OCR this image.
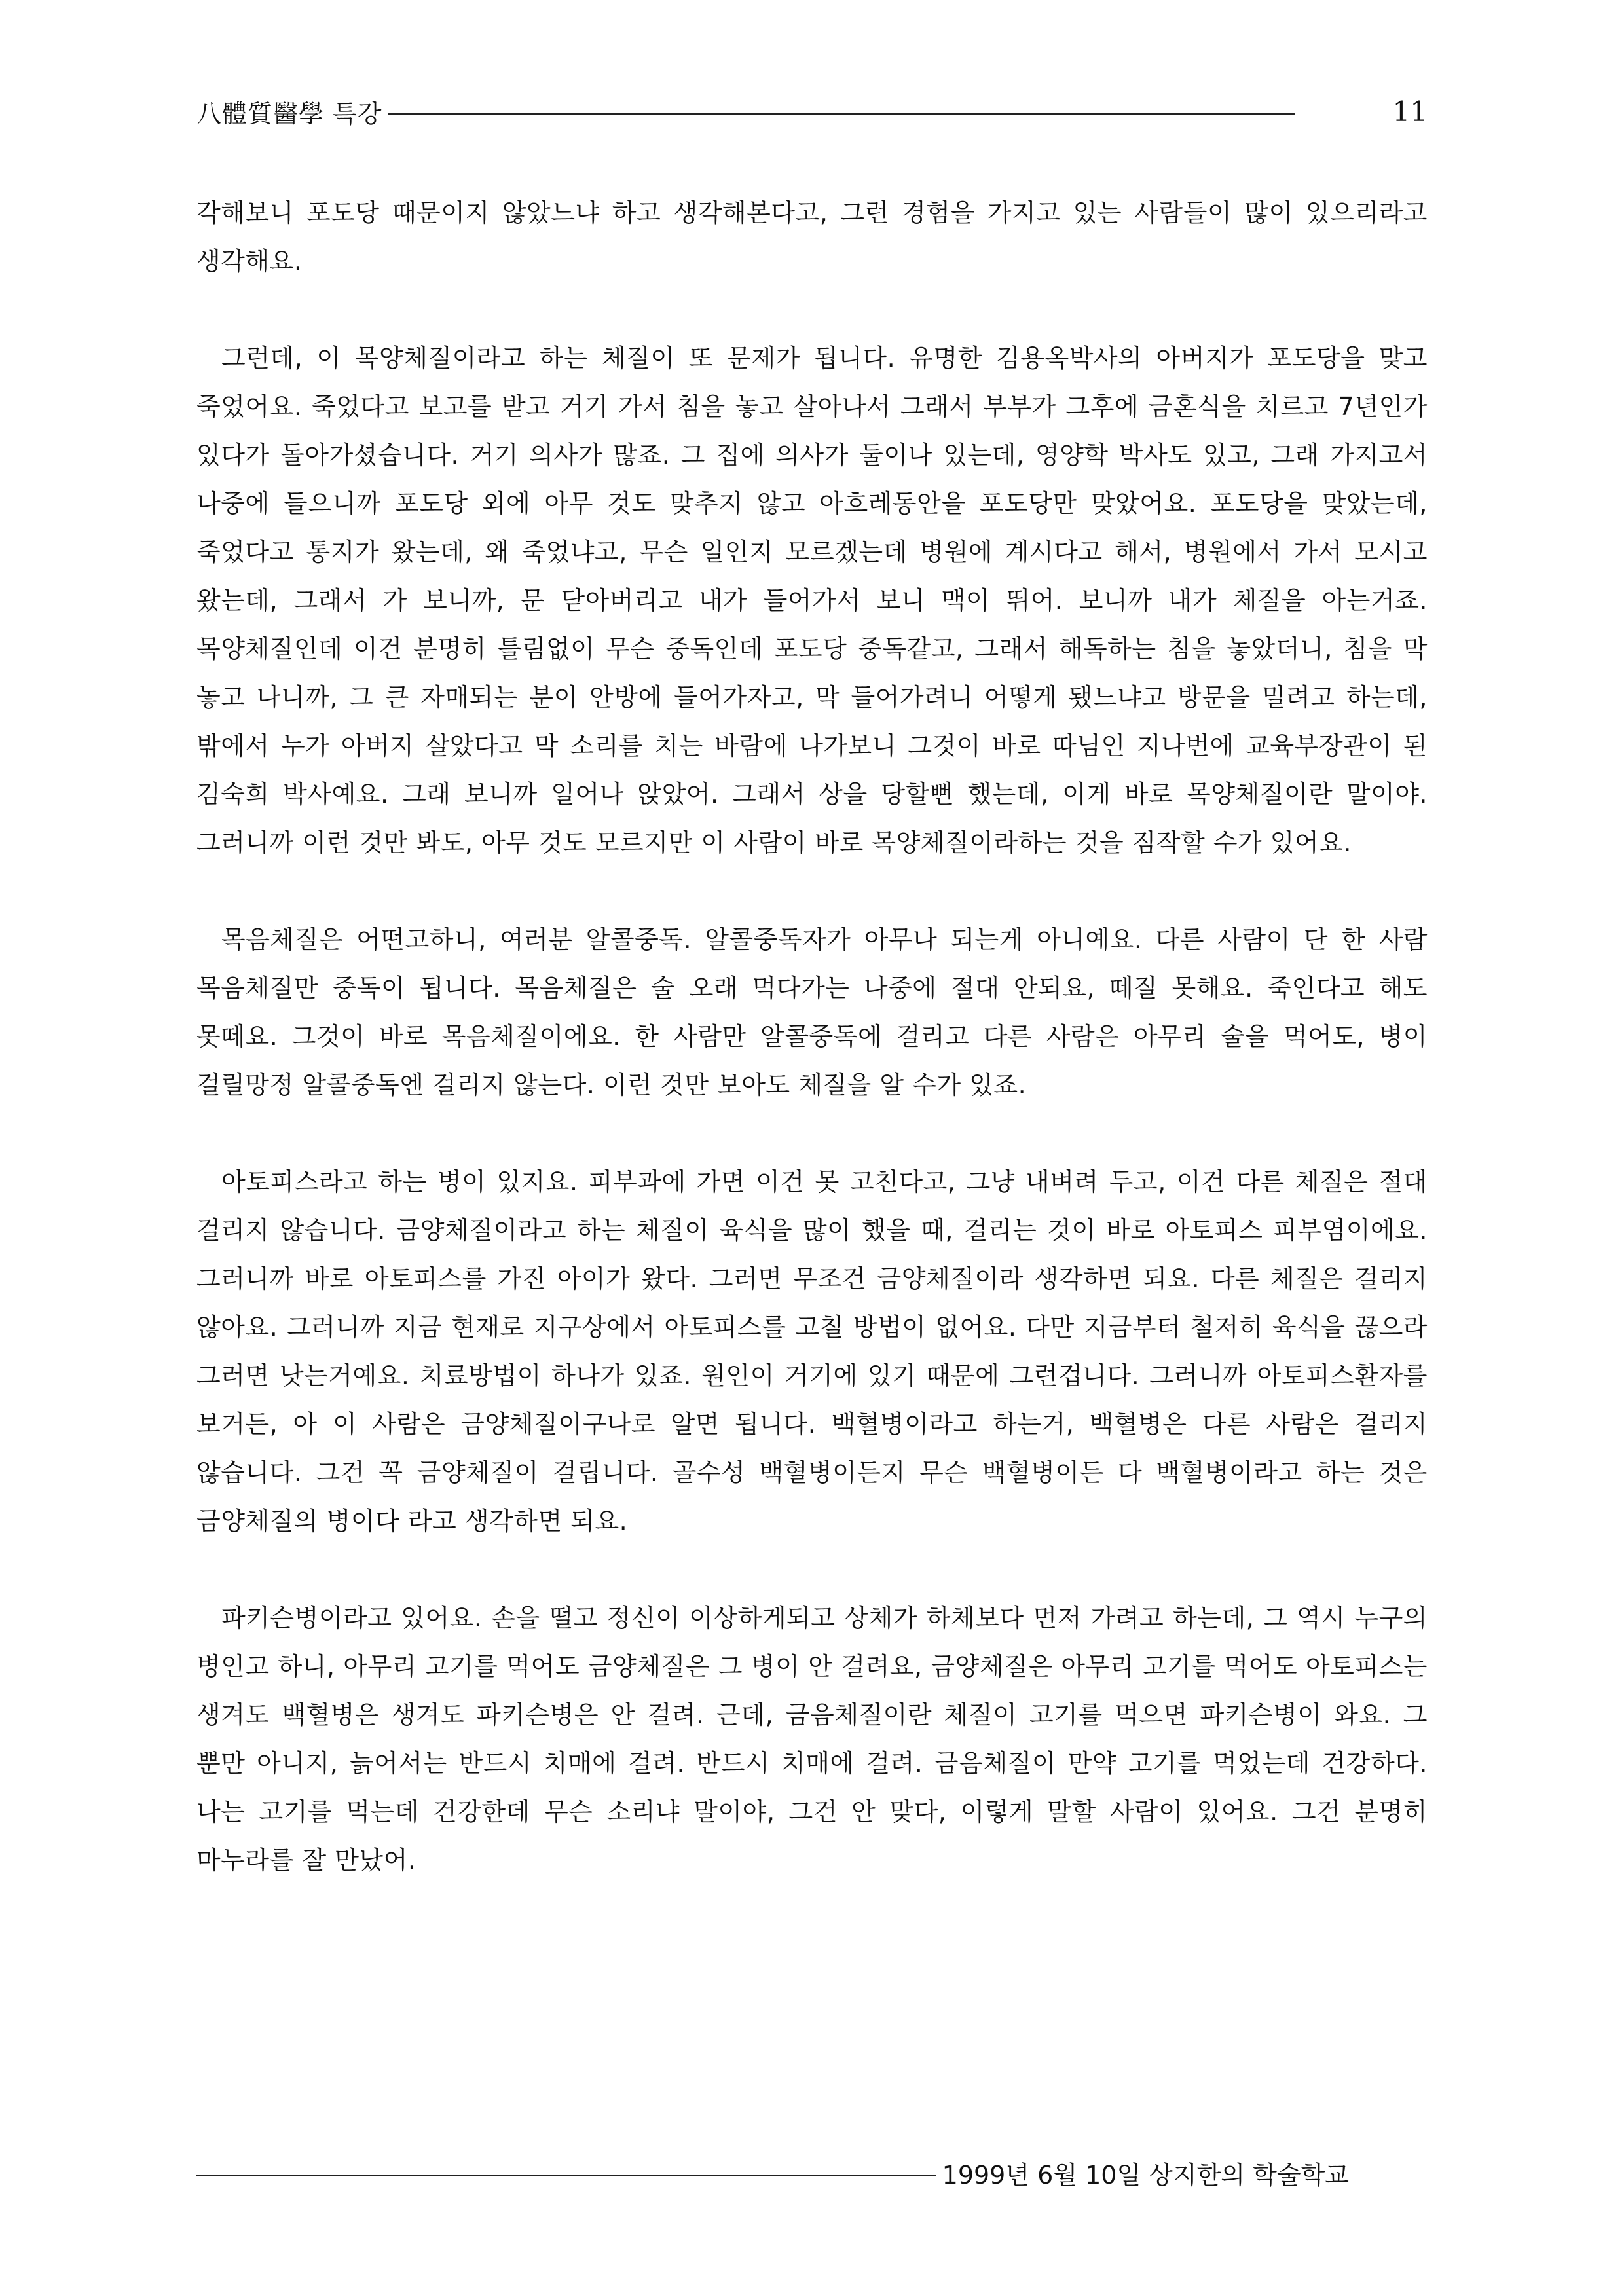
八體質醫學 특강	11

각해보니 포도당 때문이지 않았느냐 하고 생각해본다고, 그런 경험을 가지고 있는 사람들이 많이 있으리라고 생각해요.

그런데, 이 목양체질이라고 하는 체질이 또 문제가 됩니다. 유명한 김용옥박사의 아버지가 포도당을 맞고 죽었어요. 죽었다고 보고를 받고 거기 가서 침을 놓고 살아나서 그래서 부부가 그후에 금혼식을 치르고 7년인가 있다가 돌아가셨습니다. 거기 의사가 많죠. 그 집에 의사가 둘이나 있는데, 영양학 박사도 있고, 그래 가지고서 나중에 들으니까 포도당 외에 아무 것도 맞추지 않고 아흐레동안을 포도당만 맞았어요. 포도당을 맞았는데, 죽었다고 통지가 왔는데, 왜 죽었냐고, 무슨 일인지 모르겠는데 병원에 계시다고 해서, 병원에서 가서 모시고 왔는데, 그래서 가 보니까, 문 닫아버리고 내가 들어가서 보니 맥이 뛰어. 보니까 내가 체질을 아는거죠. 목양체질인데 이건 분명히 틀림없이 무슨 중독인데 포도당 중독같고, 그래서 해독하는 침을 놓았더니, 침을 막 놓고 나니까, 그 큰 자매되는 분이 안방에 들어가자고, 막 들어가려니 어떻게 됐느냐고 방문을 밀려고 하는데, 밖에서 누가 아버지 살았다고 막 소리를 치는 바람에 나가보니 그것이 바로 따님인 지나번에 교육부장관이 된 김숙희 박사예요. 그래 보니까 일어나 앉았어. 그래서 상을 당할뻔 했는데, 이게 바로 목양체질이란 말이야. 그러니까 이런 것만 봐도, 아무 것도 모르지만 이 사람이 바로 목양체질이라하는 것을 짐작할 수가 있어요.

목음체질은 어떤고하니, 여러분 알콜중독. 알콜중독자가 아무나 되는게 아니예요. 다른 사람이 단 한 사람 목음체질만 중독이 됩니다. 목음체질은 술 오래 먹다가는 나중에 절대 안되요, 떼질 못해요. 죽인다고 해도 못떼요. 그것이 바로 목음체질이에요. 한 사람만 알콜중독에 걸리고 다른 사람은 아무리 술을 먹어도, 병이 걸릴망정 알콜중독엔 걸리지 않는다. 이런 것만 보아도 체질을 알 수가 있죠.

아토피스라고 하는 병이 있지요. 피부과에 가면 이건 못 고친다고, 그냥 내벼려 두고, 이건 다른 체질은 절대 걸리지 않습니다. 금양체질이라고 하는 체질이 육식을 많이 했을 때, 걸리는 것이 바로 아토피스 피부염이에요. 그러니까 바로 아토피스를 가진 아이가 왔다. 그러면 무조건 금양체질이라 생각하면 되요. 다른 체질은 걸리지 않아요. 그러니까 지금 현재로 지구상에서 아토피스를 고칠 방법이 없어요. 다만 지금부터 철저히 육식을 끊으라 그러면 낫는거예요. 치료방법이 하나가 있죠. 원인이 거기에 있기 때문에 그런겁니다. 그러니까 아토피스환자를 보거든, 아 이 사람은 금양체질이구나로 알면 됩니다. 백혈병이라고 하는거, 백혈병은 다른 사람은 걸리지 않습니다. 그건 꼭 금양체질이 걸립니다. 골수성 백혈병이든지 무슨 백혈병이든 다 백혈병이라고 하는 것은 금양체질의 병이다 라고 생각하면 되요.

파키슨병이라고 있어요. 손을 떨고 정신이 이상하게되고 상체가 하체보다 먼저 가려고 하는데, 그 역시 누구의 병인고 하니, 아무리 고기를 먹어도 금양체질은 그 병이 안 걸려요, 금양체질은 아무리 고기를 먹어도 아토피스는 생겨도 백혈병은 생겨도 파키슨병은 안 걸려. 근데, 금음체질이란 체질이 고기를 먹으면 파키슨병이 와요. 그 뿐만 아니지, 늙어서는 반드시 치매에 걸려. 반드시 치매에 걸려. 금음체질이 만약 고기를 먹었는데 건강하다. 나는 고기를 먹는데 건강한데 무슨 소리냐 말이야, 그건 안 맞다, 이렇게 말할 사람이 있어요. 그건 분명히 마누라를 잘 만났어.

1999년 6월 10일 상지한의 학술학교
